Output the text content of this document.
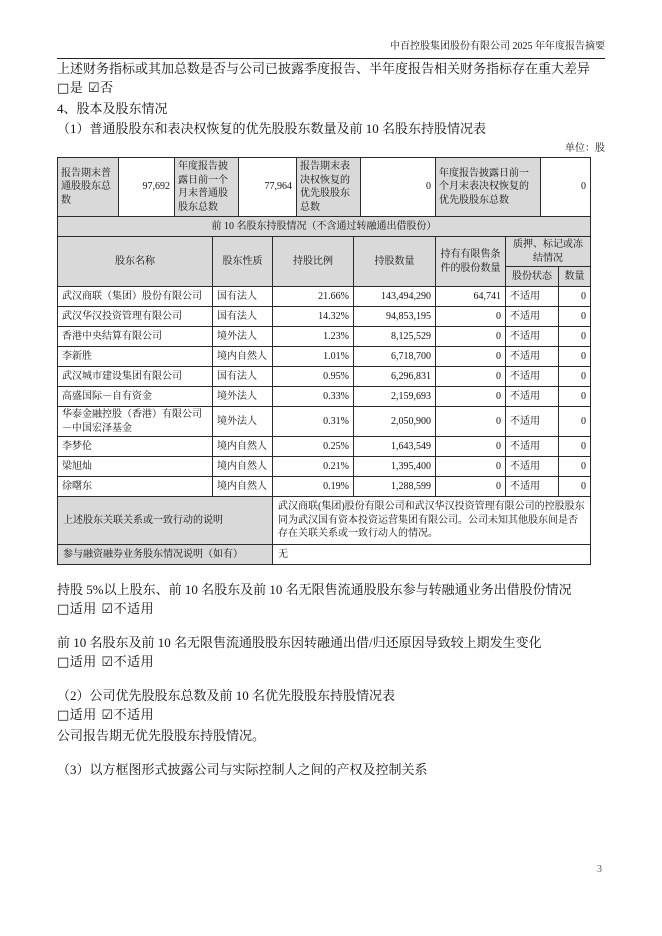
中百控股集团股份有限公司 2025 年年度报告摘要

上述财务指标或其加总数是否与公司已披露季度报告、半年度报告相关财务指标存在重大差异

□是 ☑否

4、股本及股东情况

（1）普通股股东和表决权恢复的优先股股东数量及前 10 名股东持股情况表

单位：股
报告期末普通股股东总数	97,692	年度报告披露日前一个月末普通股股东总数	77,964	报告期末表决权恢复的优先股股东总数	0	年度报告披露日前一个月末表决权恢复的优先股股东总数	0
前 10 名股东持股情况（不含通过转融通出借股份）						
股东名称	股东性质	持股比例	持股数量	持有有限售条件的股份数量	质押、标记或冻结情况	
					股份状态	数量
武汉商联（集团）股份有限公司	国有法人	21.66%	143,494,290	64,741	不适用	0
武汉华汉投资管理有限公司	国有法人	14.32%	94,853,195	0	不适用	0
香港中央结算有限公司	境外法人	1.23%	8,125,529	0	不适用	0
李新胜	境内自然人	1.01%	6,718,700	0	不适用	0
武汉城市建设集团有限公司	国有法人	0.95%	6,296,831	0	不适用	0
高盛国际－自有资金	境外法人	0.33%	2,159,693	0	不适用	0
华泰金融控股（香港）有限公司－中国宏泽基金	境外法人	0.31%	2,050,900	0	不适用	0
李梦伦	境内自然人	0.25%	1,643,549	0	不适用	0
梁旭灿	境内自然人	0.21%	1,395,400	0	不适用	0
徐曙东	境内自然人	0.19%	1,288,599	0	不适用	0
上述股东关联关系或一致行动的说明		武汉商联(集团)股份有限公司和武汉华汉投资管理有限公司的控股股东同为武汉国有资本投资运营集团有限公司。公司未知其他股东间是否存在关联关系或一致行动人的情况。				
参与融资融券业务股东情况说明（如有）		无				

持股 5%以上股东、前 10 名股东及前 10 名无限售流通股股东参与转融通业务出借股份情况

□适用 ☑不适用

前 10 名股东及前 10 名无限售流通股股东因转融通出借/归还原因导致较上期发生变化

□适用 ☑不适用

（2）公司优先股股东总数及前 10 名优先股股东持股情况表

□适用 ☑不适用

公司报告期无优先股股东持股情况。

（3）以方框图形式披露公司与实际控制人之间的产权及控制关系

3
